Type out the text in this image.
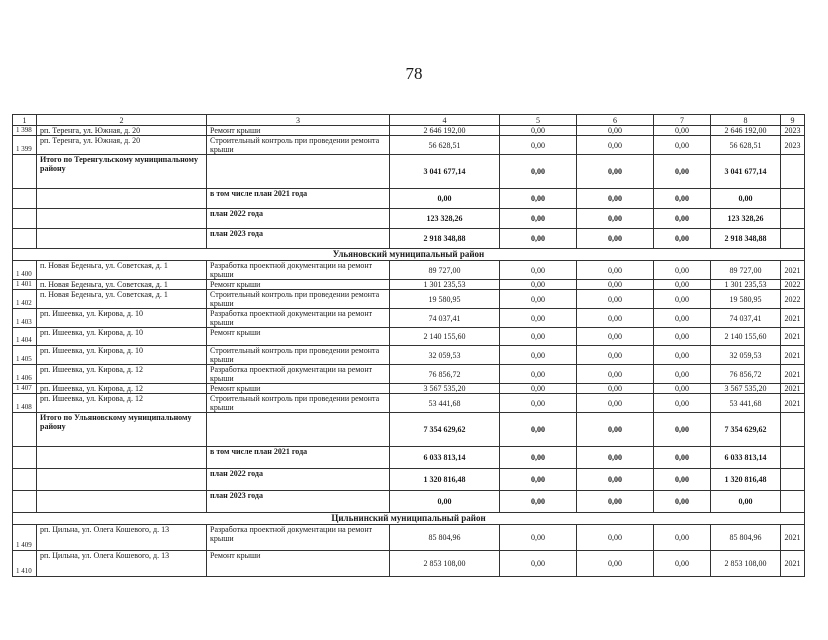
78
1	2	3	4	5	6	7	8	9
1 398	рп. Теренга, ул. Южная, д. 20	Ремонт крыши	2 646 192,00	0,00	0,00	0,00	2 646 192,00	2023
1 399	рп. Теренга, ул. Южная, д. 20	Строительный контроль при проведении ремонта крыши	56 628,51	0,00	0,00	0,00	56 628,51	2023
	Итого по Теренгульскому муниципальному району		3 041 677,14	0,00	0,00	0,00	3 041 677,14	
		в том числе план 2021 года	0,00	0,00	0,00	0,00	0,00	
		план 2022 года	123 328,26	0,00	0,00	0,00	123 328,26	
		план 2023 года	2 918 348,88	0,00	0,00	0,00	2 918 348,88	
Ульяновский муниципальный район								
1 400	п. Новая Беденьга, ул. Советская, д. 1	Разработка проектной документации на ремонт крыши	89 727,00	0,00	0,00	0,00	89 727,00	2021
1 401	п. Новая Беденьга, ул. Советская, д. 1	Ремонт крыши	1 301 235,53	0,00	0,00	0,00	1 301 235,53	2022
1 402	п. Новая Беденьга, ул. Советская, д. 1	Строительный контроль при проведении ремонта крыши	19 580,95	0,00	0,00	0,00	19 580,95	2022
1 403	рп. Ишеевка, ул. Кирова, д. 10	Разработка проектной документации на ремонт крыши	74 037,41	0,00	0,00	0,00	74 037,41	2021
1 404	рп. Ишеевка, ул. Кирова, д. 10	Ремонт крыши	2 140 155,60	0,00	0,00	0,00	2 140 155,60	2021
1 405	рп. Ишеевка, ул. Кирова, д. 10	Строительный контроль при проведении ремонта крыши	32 059,53	0,00	0,00	0,00	32 059,53	2021
1 406	рп. Ишеевка, ул. Кирова, д. 12	Разработка проектной документации на ремонт крыши	76 856,72	0,00	0,00	0,00	76 856,72	2021
1 407	рп. Ишеевка, ул. Кирова, д. 12	Ремонт крыши	3 567 535,20	0,00	0,00	0,00	3 567 535,20	2021
1 408	рп. Ишеевка, ул. Кирова, д. 12	Строительный контроль при проведении ремонта крыши	53 441,68	0,00	0,00	0,00	53 441,68	2021
	Итого по Ульяновскому муниципальному району		7 354 629,62	0,00	0,00	0,00	7 354 629,62	
		в том числе план 2021 года	6 033 813,14	0,00	0,00	0,00	6 033 813,14	
		план 2022 года	1 320 816,48	0,00	0,00	0,00	1 320 816,48	
		план 2023 года	0,00	0,00	0,00	0,00	0,00	
Цильнинский муниципальный район								
1 409	рп. Цильна, ул. Олега Кошевого, д. 13	Разработка проектной документации на ремонт крыши	85 804,96	0,00	0,00	0,00	85 804,96	2021
1 410	рп. Цильна, ул. Олега Кошевого, д. 13	Ремонт крыши	2 853 108,00	0,00	0,00	0,00	2 853 108,00	2021
